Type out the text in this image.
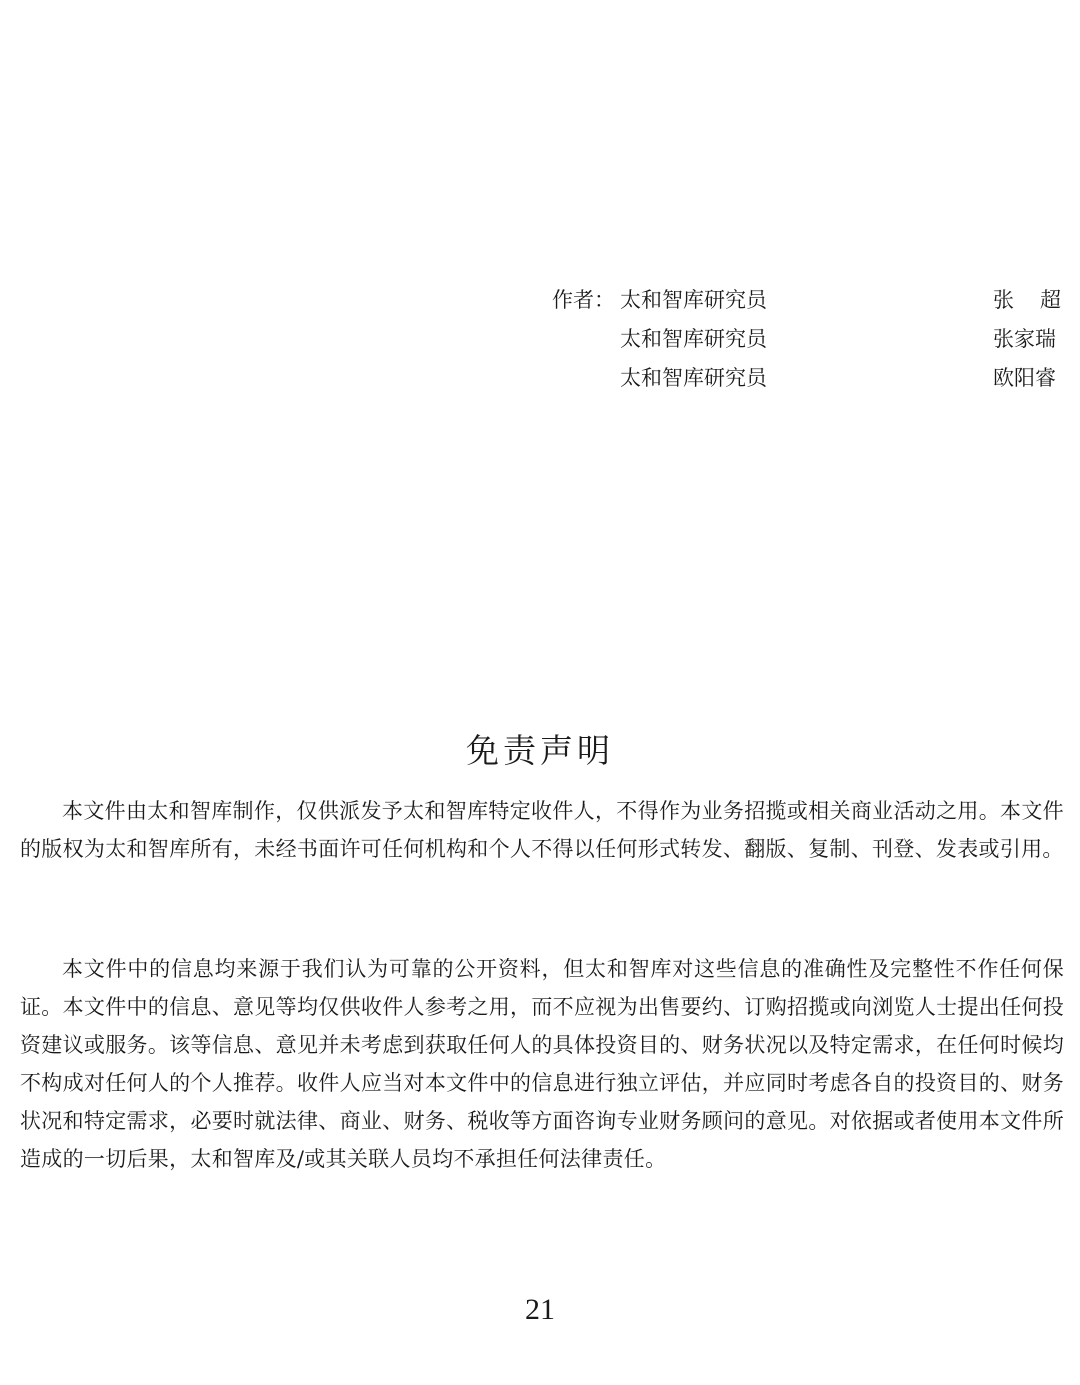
作者： 太和智库研究员	张 超
太和智库研究员	张家瑞
太和智库研究员	欧阳睿
免责声明

本文件由太和智库制作，仅供派发予太和智库特定收件人，不得作为业务招揽或相关商业活动之用。本文件的版权为太和智库所有，未经书面许可任何机构和个人不得以任何形式转发、翻版、复制、刊登、发表或引用。

本文件中的信息均来源于我们认为可靠的公开资料，但太和智库对这些信息的准确性及完整性不作任何保证。本文件中的信息、意见等均仅供收件人参考之用，而不应视为出售要约、订购招揽或向浏览人士提出任何投资建议或服务。该等信息、意见并未考虑到获取任何人的具体投资目的、财务状况以及特定需求，在任何时候均不构成对任何人的个人推荐。收件人应当对本文件中的信息进行独立评估，并应同时考虑各自的投资目的、财务状况和特定需求，必要时就法律、商业、财务、税收等方面咨询专业财务顾问的意见。对依据或者使用本文件所造成的一切后果，太和智库及/或其关联人员均不承担任何法律责任。

21
